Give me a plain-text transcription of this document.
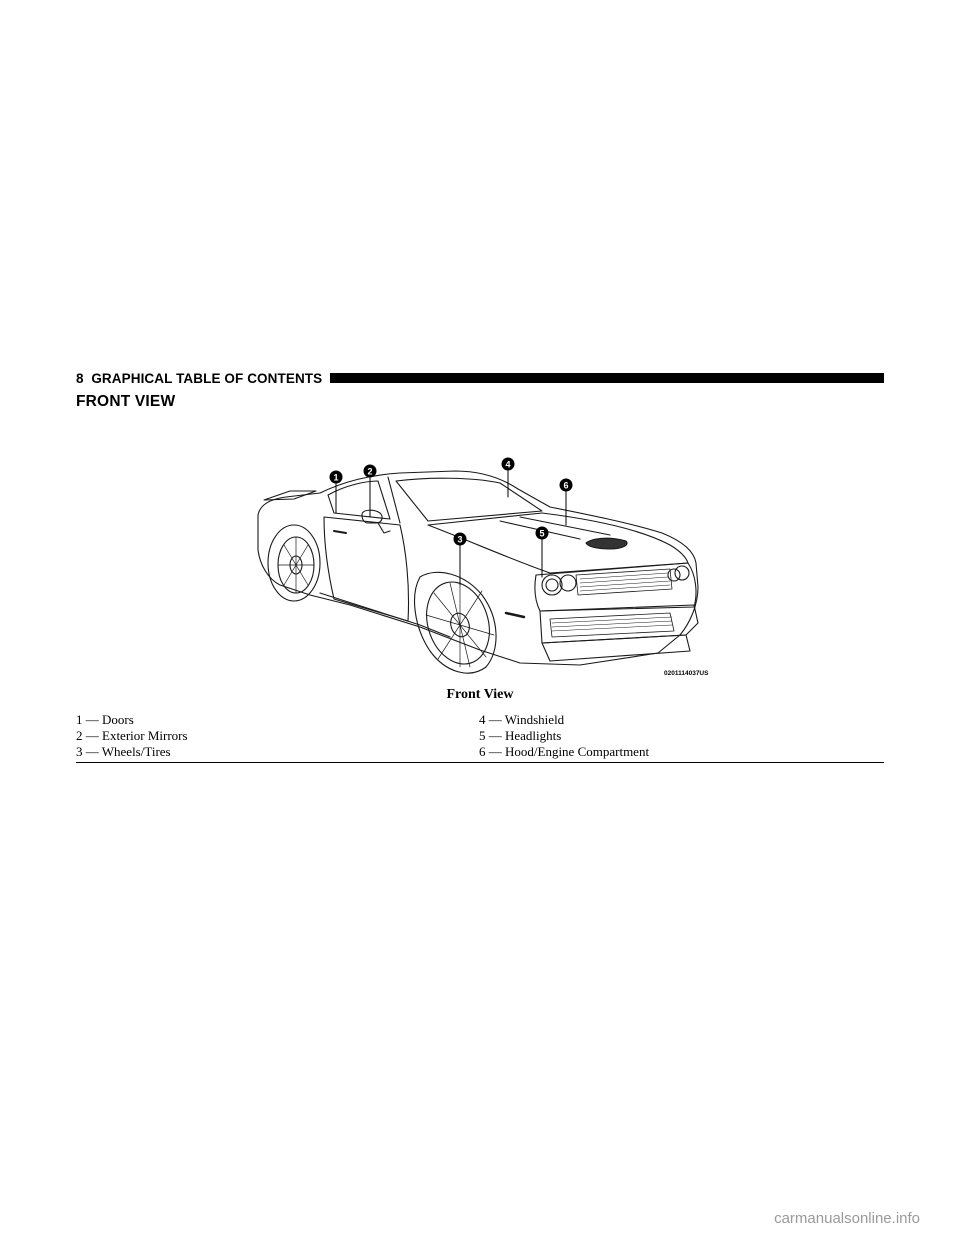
8 GRAPHICAL TABLE OF CONTENTS
FRONT VIEW
1
2
3
4
5
6
0201114037US
Front View
1 — Doors	4 — Windshield
2 — Exterior Mirrors	5 — Headlights
3 — Wheels/Tires	6 — Hood/Engine Compartment
carmanualsonline.info
